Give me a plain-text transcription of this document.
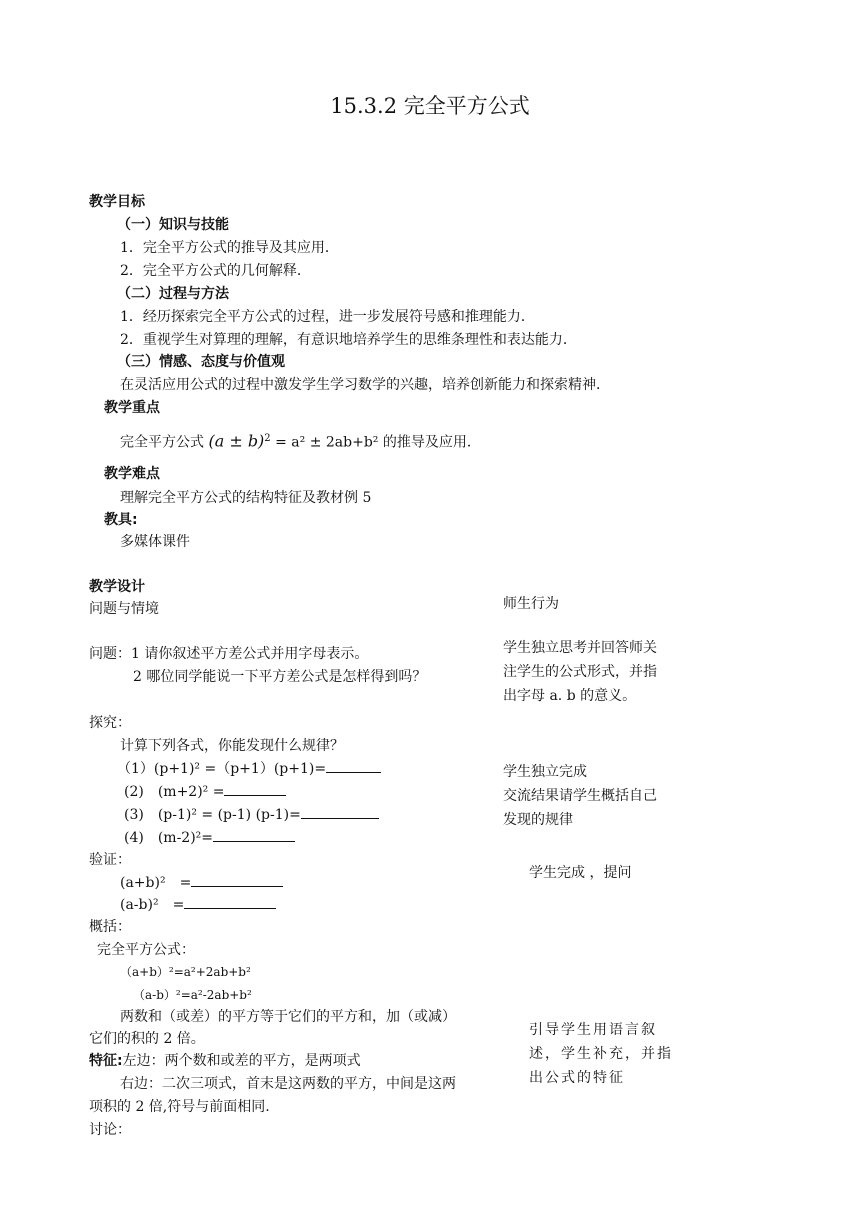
15.3.2 完全平方公式
教学目标
（一）知识与技能
1．完全平方公式的推导及其应用．
2．完全平方公式的几何解释．
（二）过程与方法
1．经历探索完全平方公式的过程，进一步发展符号感和推理能力．
2．重视学生对算理的理解，有意识地培养学生的思维条理性和表达能力．
（三）情感、态度与价值观
在灵活应用公式的过程中激发学生学习数学的兴趣，培养创新能力和探索精神．
教学重点
完全平方公式 $(a \pm b)^2 = a^2 \pm 2ab+b^2$ 的推导及应用．
教学难点
理解完全平方公式的结构特征及教材例 5
教具:
多媒体课件
教学设计
问题与情境	师生行为
问题：1 请你叙述平方差公式并用字母表示。
2 哪位同学能说一下平方差公式是怎样得到吗？
学生独立思考并回答师关
注学生的公式形式，并指
出字母 a. b 的意义。
探究：
计算下列各式，你能发现什么规律？
（1）(p+1)² =（p+1）(p+1)=
(2)　(m+2)² =
(3)　(p-1)² = (p-1) (p-1)=
(4)　(m-2)²=
学生独立完成
交流结果请学生概括自己
发现的规律
验证：
(a+b)²　=
(a-b)²　=
学生完成 ，提问
概括：
完全平方公式：
（a+b）²=a²+2ab+b²
（a-b）²=a²-2ab+b²
两数和（或差）的平方等于它们的平方和，加（或减）
它们的积的 2 倍。
特征:左边：两个数和或差的平方，是两项式
右边：二次三项式，首末是这两数的平方，中间是这两
项积的 2 倍,符号与前面相同.
讨论：
引导学生用语言叙
述，学生补充，并指
出公式的特征
